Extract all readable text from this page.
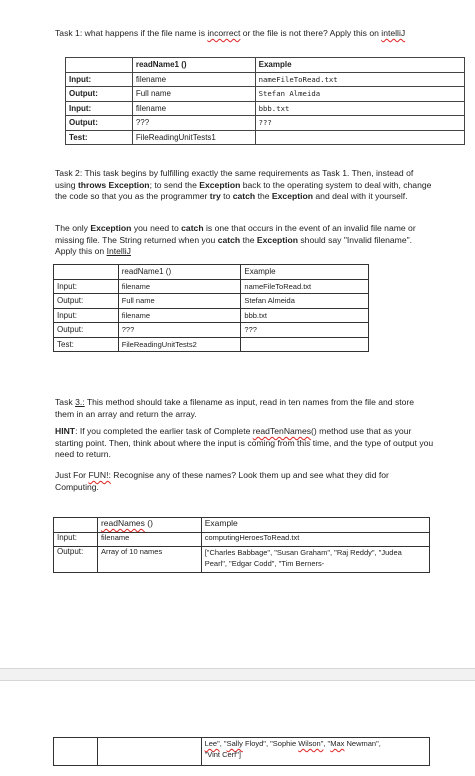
Task 1: what happens if the file name is incorrect or the file is not there? Apply this on intelliJ

	readName1 ()	Example
Input:	filename	nameFileToRead.txt
Output:	Full name	Stefan Almeida
Input:	filename	bbb.txt
Output:	???	???
Test:	FileReadingUnitTests1	

Task 2: This task begins by fulfilling exactly the same requirements as Task 1. Then, instead of using throws Exception; to send the Exception back to the operating system to deal with, change the code so that you as the programmer try to catch the Exception and deal with it yourself.

The only Exception you need to catch is one that occurs in the event of an invalid file name or missing file. The String returned when you catch the Exception should say "Invalid filename". Apply this on IntelliJ

	readName1 ()	Example
Input:	filename	nameFileToRead.txt
Output:	Full name	Stefan Almeida
Input:	filename	bbb.txt
Output:	???	???
Test:	FileReadingUnitTests2	

Task 3.: This method should take a filename as input, read in ten names from the file and store them in an array and return the array.

HINT: If you completed the earlier task of Complete readTenNames() method use that as your starting point. Then, think about where the input is coming from this time, and the type of output you need to return.

Just For FUN!: Recognise any of these names? Look them up and see what they did for Computing.

	readNames ()	Example
Input:	filename	computingHeroesToRead.txt
Output:	Array of 10 names	["Charles Babbage", "Susan Graham", "Raj Reddy", "Judea Pearl", "Edgar Codd", "Tim Berners-
		Lee", "Sally Floyd", "Sophie Wilson", "Max Newman",
"Vint Cerf"]
